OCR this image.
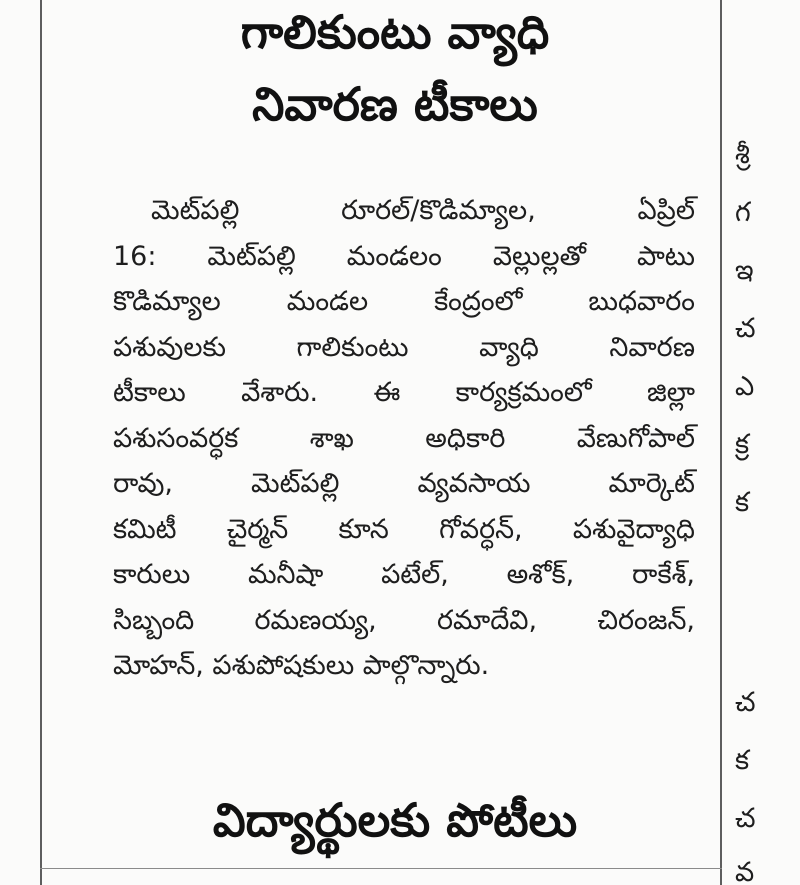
గాలికుంటు వ్యాధి
నివారణ టీకాలు
మెట్‌పల్లి రూరల్/కొడిమ్యాల, ఏప్రిల్
16: మెట్‌పల్లి మండలం వెల్లుల్లతో పాటు
కొడిమ్యాల మండల కేంద్రంలో బుధవారం
పశువులకు గాలికుంటు వ్యాధి నివారణ
టీకాలు వేశారు. ఈ కార్యక్రమంలో జిల్లా
పశుసంవర్ధక శాఖ అధికారి వేణుగోపాల్
రావు, మెట్‌పల్లి వ్యవసాయ మార్కెట్
కమిటీ చైర్మన్ కూన గోవర్ధన్, పశువైద్యాధి
కారులు మనీషా పటేల్, అశోక్, రాకేశ్,
సిబ్బంది రమణయ్య, రమాదేవి, చిరంజన్,
మోహన్, పశుపోషకులు పాల్గొన్నారు.
విద్యార్థులకు పోటీలు
శ్రీ
గ
ఇ
చ
ఎ
క్ర
క
చ
క
చ
వ
